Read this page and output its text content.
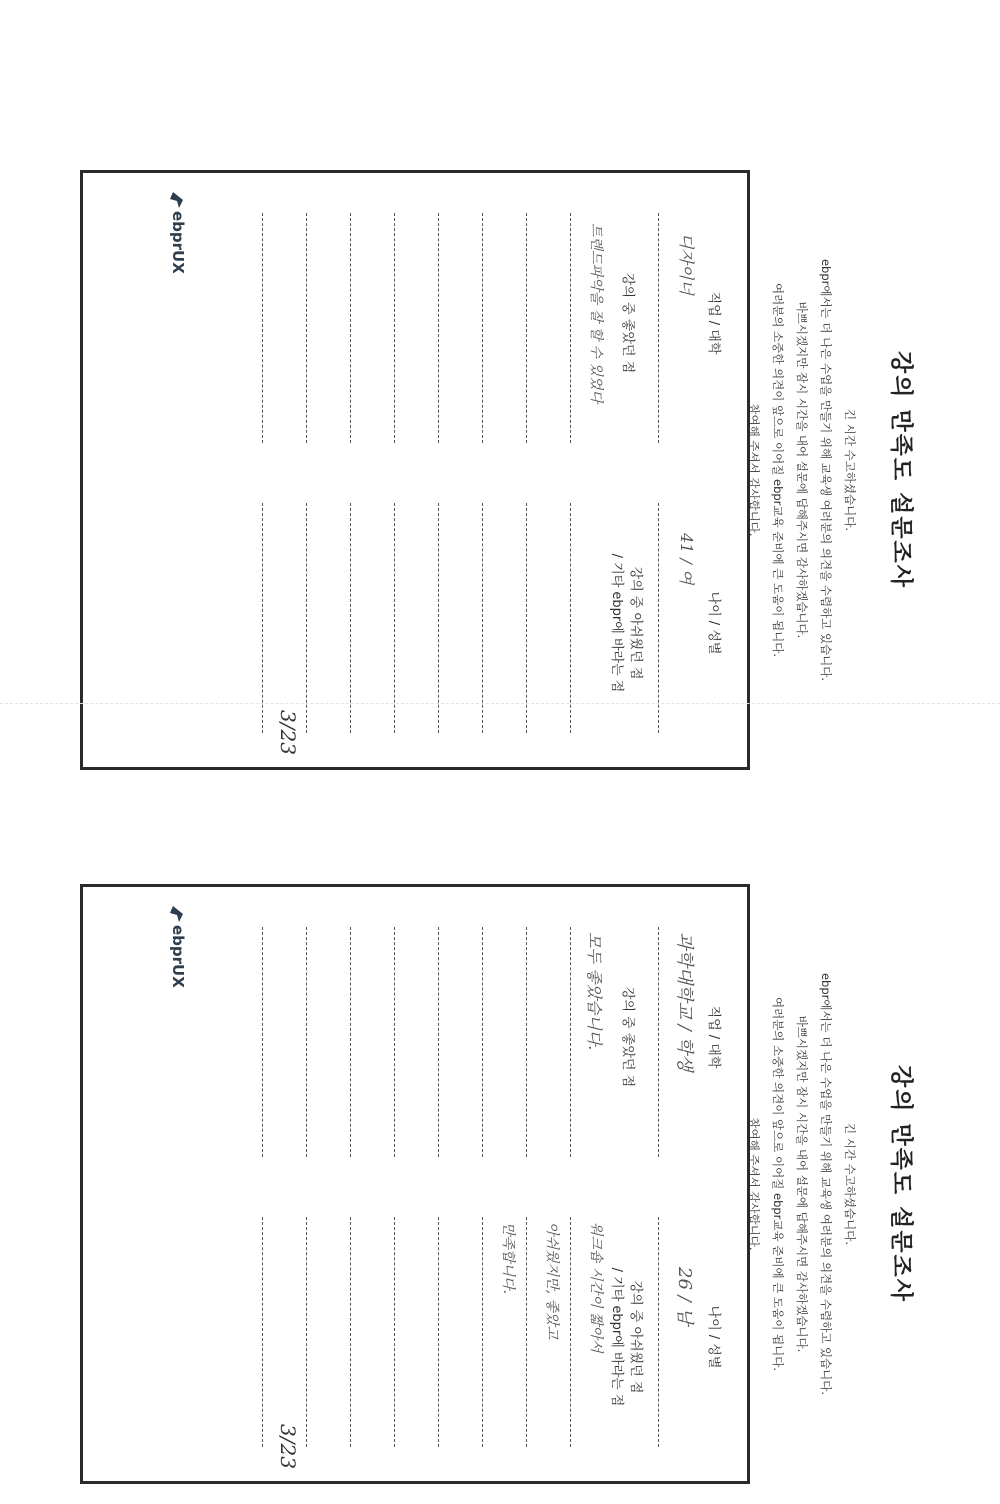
강의 만족도 설문조사
긴 시간 수고하셨습니다.
ebpr에서는 더 나은 수업을 만들기 위해 교육생 여러분의 의견을 수렴하고 있습니다.
바쁘시겠지만 잠시 시간을 내어 설문에 답해주시면 감사하겠습니다.
여러분의 소중한 의견이 앞으로 이어질 ebpr교육 준비에 큰 도움이 됩니다.
참여해 주셔서 감사합니다.
직업 / 대학
나이 / 성별
디자이너
41 / 여
강의 중 좋았던 점
강의 중 아쉬웠던 점
/ 기타 ebpr에 바라는 점
트렌드파악을 잘 할 수 있었다
ebprUX
3/23
강의 만족도 설문조사
긴 시간 수고하셨습니다.
ebpr에서는 더 나은 수업을 만들기 위해 교육생 여러분의 의견을 수렴하고 있습니다.
바쁘시겠지만 잠시 시간을 내어 설문에 답해주시면 감사하겠습니다.
여러분의 소중한 의견이 앞으로 이어질 ebpr교육 준비에 큰 도움이 됩니다.
참여해 주셔서 감사합니다.
직업 / 대학
나이 / 성별
과학대학교 / 학생
26 / 남
강의 중 좋았던 점
강의 중 아쉬웠던 점
/ 기타 ebpr에 바라는 점
모두 좋았습니다.
워크숍 시간이 짧아서
아쉬웠지만, 좋았고
만족합니다.
ebprUX
3/23
